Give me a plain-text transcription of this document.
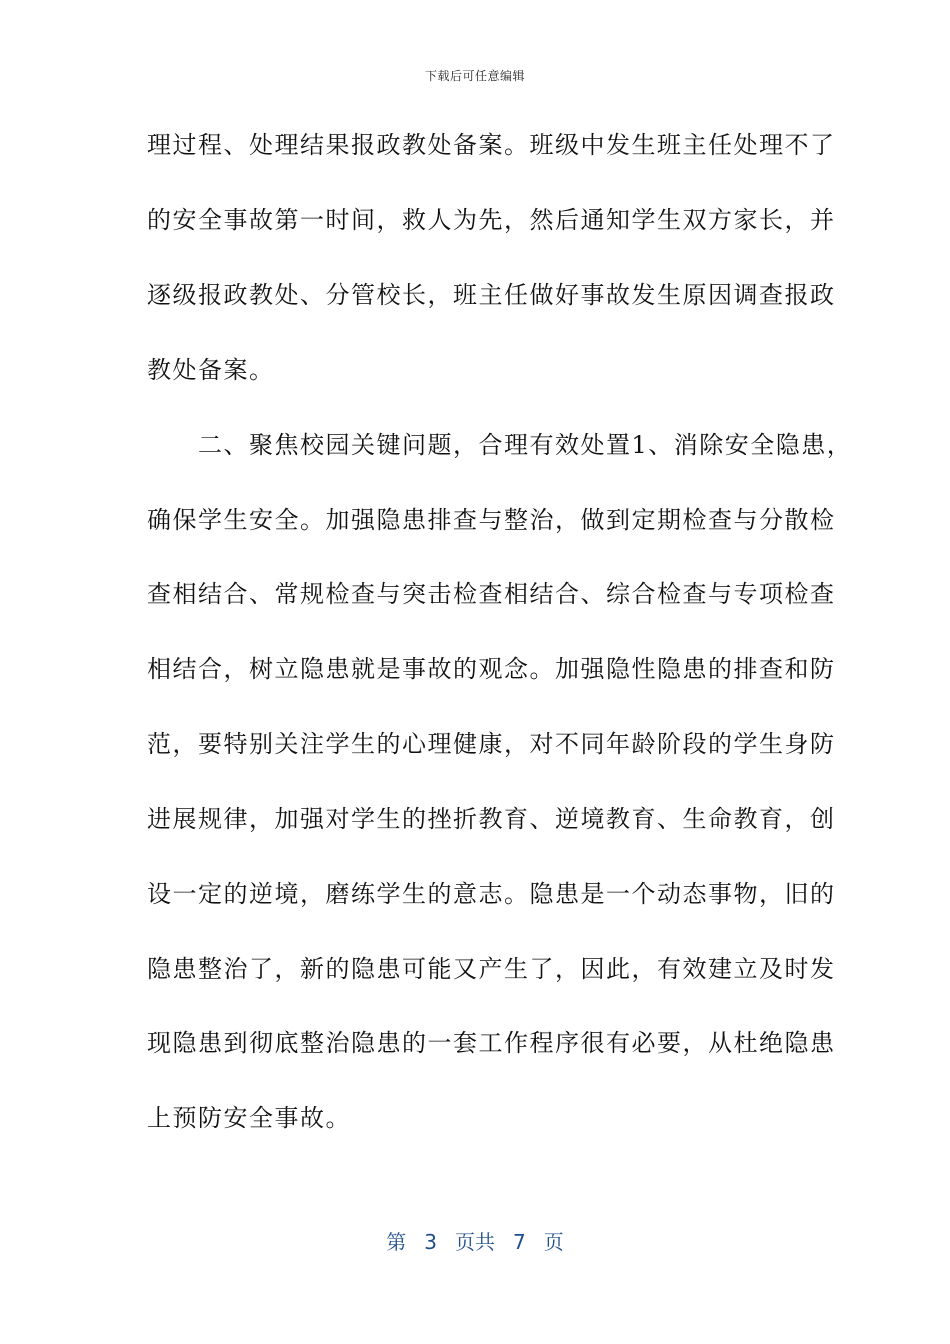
下载后可任意编辑
理过程、处理结果报政教处备案。班级中发生班主任处理不了
的安全事故第一时间，救人为先，然后通知学生双方家长，并
逐级报政教处、分管校长，班主任做好事故发生原因调查报政
教处备案。
　　二、聚焦校园关键问题，合理有效处置1、消除安全隐患，
确保学生安全。加强隐患排查与整治，做到定期检查与分散检
查相结合、常规检查与突击检查相结合、综合检查与专项检查
相结合，树立隐患就是事故的观念。加强隐性隐患的排查和防
范，要特别关注学生的心理健康，对不同年龄阶段的学生身防
进展规律，加强对学生的挫折教育、逆境教育、生命教育，创
设一定的逆境，磨练学生的意志。隐患是一个动态事物，旧的
隐患整治了，新的隐患可能又产生了，因此，有效建立及时发
现隐患到彻底整治隐患的一套工作程序很有必要，从杜绝隐患
上预防安全事故。
第 3 页共 7 页
